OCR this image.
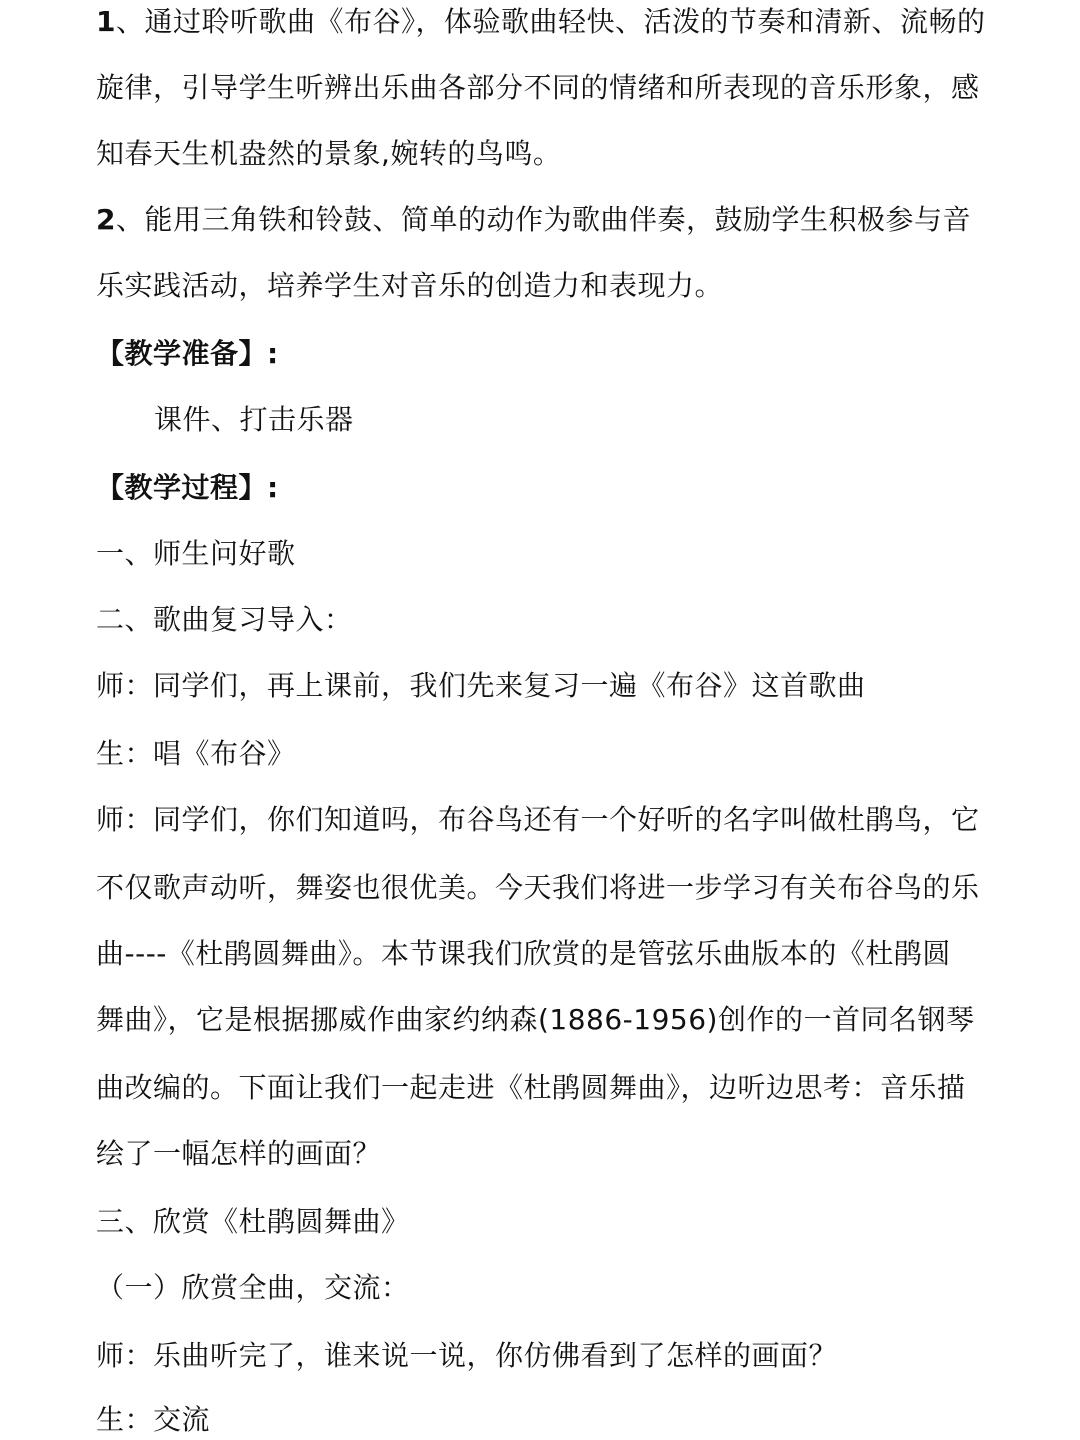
1、通过聆听歌曲《布谷》，体验歌曲轻快、活泼的节奏和清新、流畅的
旋律，引导学生听辨出乐曲各部分不同的情绪和所表现的音乐形象，感
知春天生机盎然的景象,婉转的鸟鸣。
2、能用三角铁和铃鼓、简单的动作为歌曲伴奏，鼓励学生积极参与音
乐实践活动，培养学生对音乐的创造力和表现力。
【教学准备】:
课件、打击乐器
【教学过程】:
一、师生问好歌
二、歌曲复习导入：
师：同学们，再上课前，我们先来复习一遍《布谷》这首歌曲
生：唱《布谷》
师：同学们，你们知道吗，布谷鸟还有一个好听的名字叫做杜鹃鸟，它
不仅歌声动听，舞姿也很优美。今天我们将进一步学习有关布谷鸟的乐
曲----《杜鹃圆舞曲》。本节课我们欣赏的是管弦乐曲版本的《杜鹃圆
舞曲》，它是根据挪威作曲家约纳森(1886-1956)创作的一首同名钢琴
曲改编的。下面让我们一起走进《杜鹃圆舞曲》，边听边思考：音乐描
绘了一幅怎样的画面？
三、欣赏《杜鹃圆舞曲》
（一）欣赏全曲，交流：
师：乐曲听完了，谁来说一说，你仿佛看到了怎样的画面？
生：交流
